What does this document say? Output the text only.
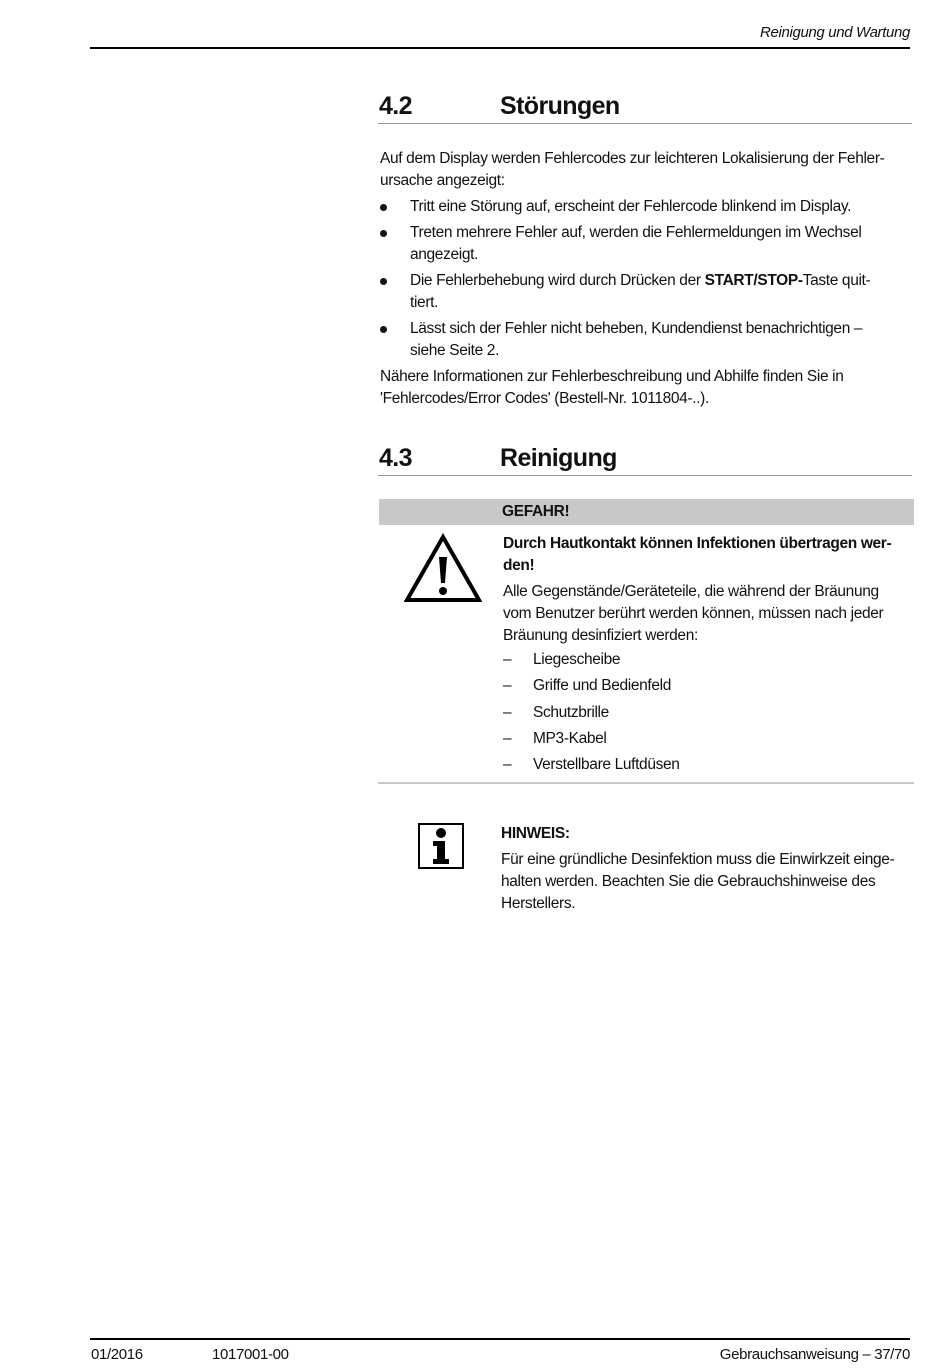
Reinigung und Wartung
4.2	Störungen
Auf dem Display werden Fehlercodes zur leichteren Lokalisierung der Fehler-
ursache angezeigt:
Tritt eine Störung auf, erscheint der Fehlercode blinkend im Display.
Treten mehrere Fehler auf, werden die Fehlermeldungen im Wechsel
angezeigt.
Die Fehlerbehebung wird durch Drücken der START/STOP-Taste quit-
tiert.
Lässt sich der Fehler nicht beheben, Kundendienst benachrichtigen –
siehe Seite 2.
Nähere Informationen zur Fehlerbeschreibung und Abhilfe finden Sie in
'Fehlercodes/Error Codes' (Bestell-Nr. 1011804-..).
4.3	Reinigung
GEFAHR!
Durch Hautkontakt können Infektionen übertragen wer-
den!
Alle Gegenstände/Geräteteile, die während der Bräunung
vom Benutzer berührt werden können, müssen nach jeder
Bräunung desinfiziert werden:
– Liegescheibe
– Griffe und Bedienfeld
– Schutzbrille
– MP3-Kabel
– Verstellbare Luftdüsen
HINWEIS:
Für eine gründliche Desinfektion muss die Einwirkzeit einge-
halten werden. Beachten Sie die Gebrauchshinweise des
Herstellers.
01/2016	1017001-00	Gebrauchsanweisung – 37/70
